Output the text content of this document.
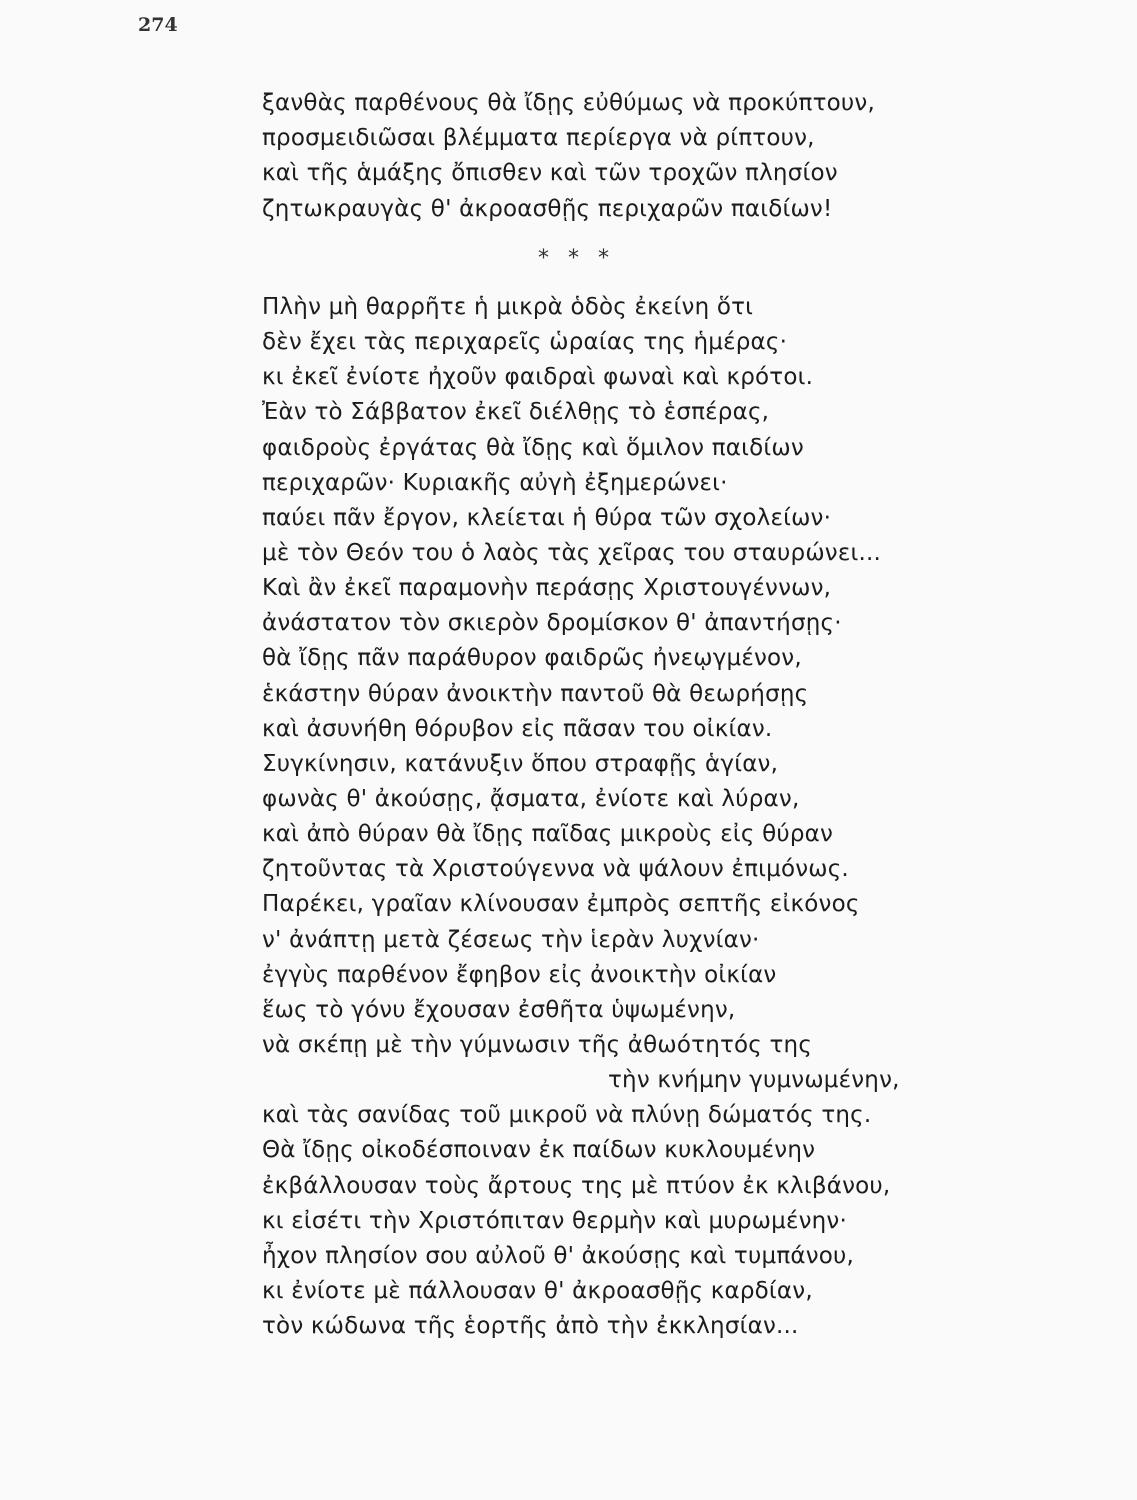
274
ξανθὰς παρθένους θὰ ἴδῃς εὐθύμως νὰ προκύπτουν,
προσμειδιῶσαι βλέμματα περίεργα νὰ ρίπτουν,
καὶ τῆς ἁμάξης ὄπισθεν καὶ τῶν τροχῶν πλησίον
ζητωκραυγὰς θ' ἀκροασθῇς περιχαρῶν παιδίων!
* * *
Πλὴν μὴ θαρρῆτε ἡ μικρὰ ὁδὸς ἐκείνη ὅτι
δὲν ἔχει τὰς περιχαρεῖς ὡραίας της ἡμέρας·
κι ἐκεῖ ἐνίοτε ἠχοῦν φαιδραὶ φωναὶ καὶ κρότοι.
Ἐὰν τὸ Σάββατον ἐκεῖ διέλθῃς τὸ ἑσπέρας,
φαιδροὺς ἐργάτας θὰ ἴδῃς καὶ ὅμιλον παιδίων
περιχαρῶν· Κυριακῆς αὐγὴ ἐξημερώνει·
παύει πᾶν ἔργον, κλείεται ἡ θύρα τῶν σχολείων·
μὲ τὸν Θεόν του ὁ λαὸς τὰς χεῖρας του σταυρώνει...
Καὶ ἂν ἐκεῖ παραμονὴν περάσῃς Χριστουγέννων,
ἀνάστατον τὸν σκιερὸν δρομίσκον θ' ἀπαντήσῃς·
θὰ ἴδῃς πᾶν παράθυρον φαιδρῶς ἠνεῳγμένον,
ἑκάστην θύραν ἀνοικτὴν παντοῦ θὰ θεωρήσῃς
καὶ ἀσυνήθη θόρυβον εἰς πᾶσαν του οἰκίαν.
Συγκίνησιν, κατάνυξιν ὅπου στραφῇς ἁγίαν,
φωνὰς θ' ἀκούσῃς, ᾄσματα, ἐνίοτε καὶ λύραν,
καὶ ἀπὸ θύραν θὰ ἴδῃς παῖδας μικροὺς εἰς θύραν
ζητοῦντας τὰ Χριστούγεννα νὰ ψάλουν ἐπιμόνως.
Παρέκει, γραῖαν κλίνουσαν ἐμπρὸς σεπτῆς εἰκόνος
ν' ἀνάπτῃ μετὰ ζέσεως τὴν ἱερὰν λυχνίαν·
ἐγγὺς παρθένον ἔφηβον εἰς ἀνοικτὴν οἰκίαν
ἕως τὸ γόνυ ἔχουσαν ἐσθῆτα ὑψωμένην,
νὰ σκέπῃ μὲ τὴν γύμνωσιν τῆς ἀθωότητός της
τὴν κνήμην γυμνωμένην,
καὶ τὰς σανίδας τοῦ μικροῦ νὰ πλύνῃ δώματός της.
Θὰ ἴδῃς οἰκοδέσποιναν ἐκ παίδων κυκλουμένην
ἐκβάλλουσαν τοὺς ἄρτους της μὲ πτύον ἐκ κλιβάνου,
κι εἰσέτι τὴν Χριστόπιταν θερμὴν καὶ μυρωμένην·
ἦχον πλησίον σου αὐλοῦ θ' ἀκούσῃς καὶ τυμπάνου,
κι ἐνίοτε μὲ πάλλουσαν θ' ἀκροασθῇς καρδίαν,
τὸν κώδωνα τῆς ἑορτῆς ἀπὸ τὴν ἐκκλησίαν...
